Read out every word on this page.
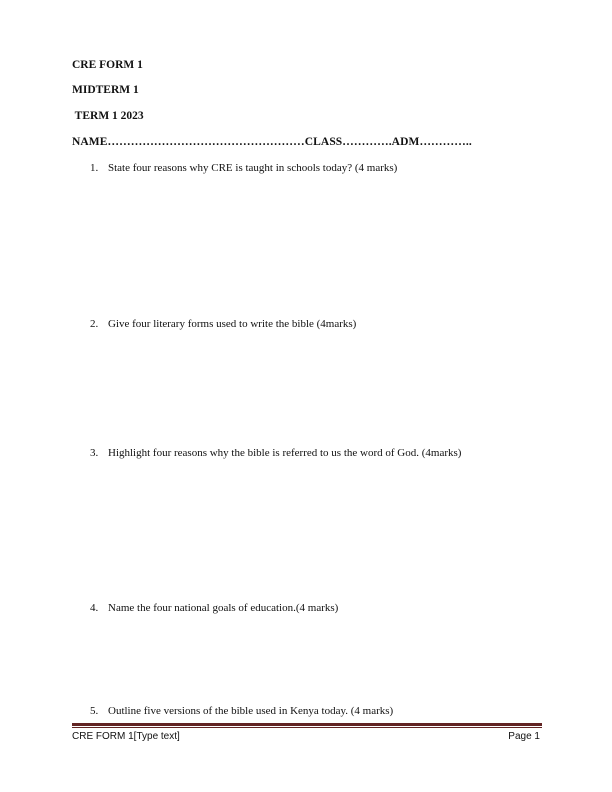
CRE FORM 1
MIDTERM 1
TERM 1 2023
NAME……………………………………………CLASS………….ADM…………..
1. State four reasons why CRE is taught in schools today? (4 marks)
2. Give four literary forms used to write the bible (4marks)
3. Highlight four reasons why the bible is referred to us the word of God. (4marks)
4. Name the four national goals of education.(4 marks)
5. Outline five versions of the bible used in Kenya today. (4 marks)
CRE FORM 1[Type text]	Page 1
